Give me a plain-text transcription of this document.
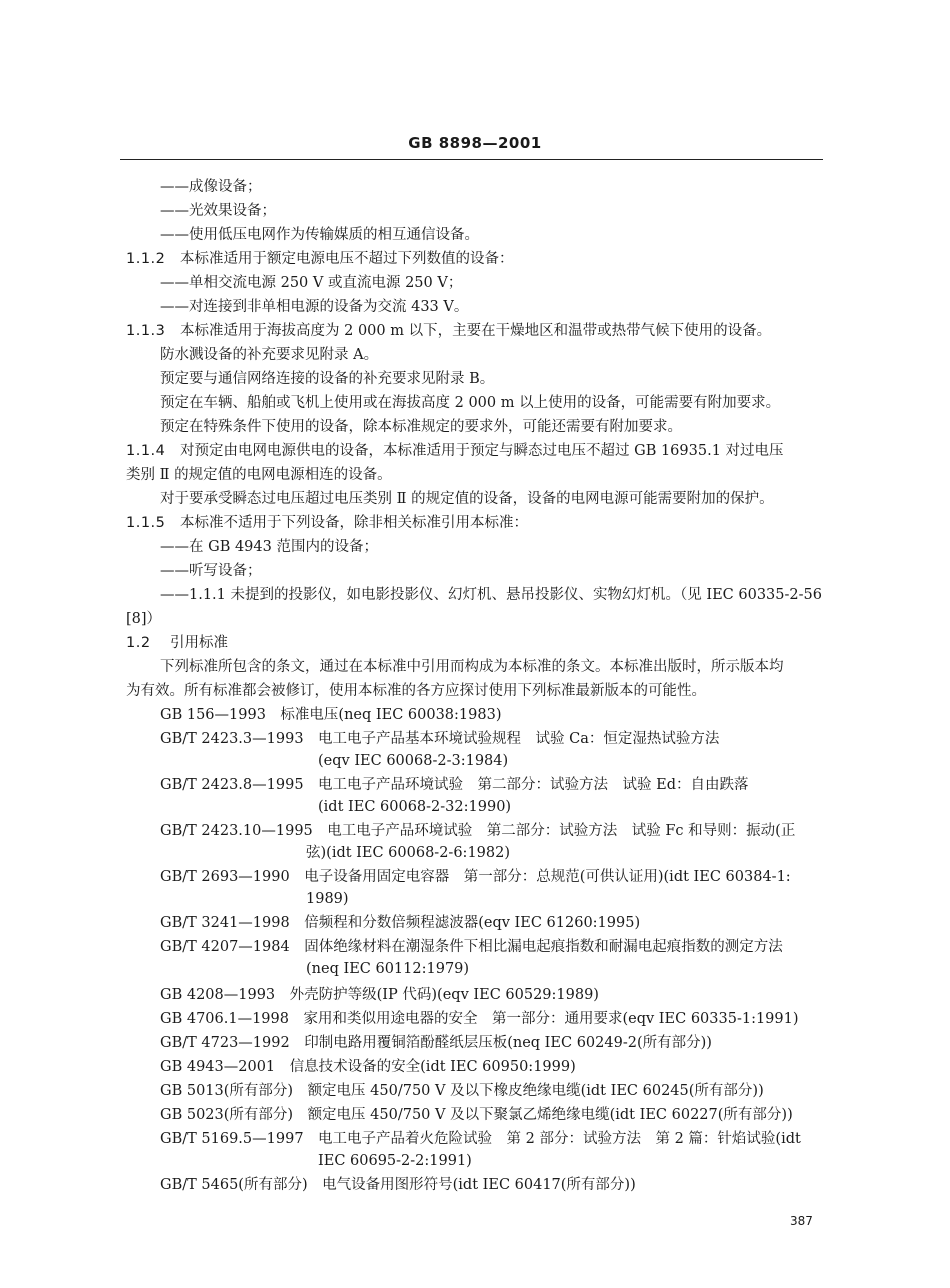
GB 8898—2001
——成像设备；
——光效果设备；
——使用低压电网作为传输媒质的相互通信设备。
1.1.2 本标准适用于额定电源电压不超过下列数值的设备：
——单相交流电源 250 V 或直流电源 250 V；
——对连接到非单相电源的设备为交流 433 V。
1.1.3 本标准适用于海拔高度为 2 000 m 以下，主要在干燥地区和温带或热带气候下使用的设备。
防水溅设备的补充要求见附录 A。
预定要与通信网络连接的设备的补充要求见附录 B。
预定在车辆、船舶或飞机上使用或在海拔高度 2 000 m 以上使用的设备，可能需要有附加要求。
预定在特殊条件下使用的设备，除本标准规定的要求外，可能还需要有附加要求。
1.1.4 对预定由电网电源供电的设备，本标准适用于预定与瞬态过电压不超过 GB 16935.1 对过电压
类别 Ⅱ 的规定值的电网电源相连的设备。
对于要承受瞬态过电压超过电压类别 Ⅱ 的规定值的设备，设备的电网电源可能需要附加的保护。
1.1.5 本标准不适用于下列设备，除非相关标准引用本标准：
——在 GB 4943 范围内的设备；
——听写设备；
——1.1.1 未提到的投影仪，如电影投影仪、幻灯机、悬吊投影仪、实物幻灯机。（见 IEC 60335-2-56
[8]）
1.2 引用标准
下列标准所包含的条文，通过在本标准中引用而构成为本标准的条文。本标准出版时，所示版本均
为有效。所有标准都会被修订，使用本标准的各方应探讨使用下列标准最新版本的可能性。
GB 156—1993　标准电压(neq IEC 60038:1983)
GB/T 2423.3—1993　电工电子产品基本环境试验规程　试验 Ca：恒定湿热试验方法
(eqv IEC 60068-2-3:1984)
GB/T 2423.8—1995　电工电子产品环境试验　第二部分：试验方法　试验 Ed：自由跌落
(idt IEC 60068-2-32:1990)
GB/T 2423.10—1995　电工电子产品环境试验　第二部分：试验方法　试验 Fc 和导则：振动(正
弦)(idt IEC 60068-2-6:1982)
GB/T 2693—1990　电子设备用固定电容器　第一部分：总规范(可供认证用)(idt IEC 60384-1:
1989)
GB/T 3241—1998　倍频程和分数倍频程滤波器(eqv IEC 61260:1995)
GB/T 4207—1984　固体绝缘材料在潮湿条件下相比漏电起痕指数和耐漏电起痕指数的测定方法
(neq IEC 60112:1979)
GB 4208—1993　外壳防护等级(IP 代码)(eqv IEC 60529:1989)
GB 4706.1—1998　家用和类似用途电器的安全　第一部分：通用要求(eqv IEC 60335-1:1991)
GB/T 4723—1992　印制电路用覆铜箔酚醛纸层压板(neq IEC 60249-2(所有部分))
GB 4943—2001　信息技术设备的安全(idt IEC 60950:1999)
GB 5013(所有部分)　额定电压 450/750 V 及以下橡皮绝缘电缆(idt IEC 60245(所有部分))
GB 5023(所有部分)　额定电压 450/750 V 及以下聚氯乙烯绝缘电缆(idt IEC 60227(所有部分))
GB/T 5169.5—1997　电工电子产品着火危险试验　第 2 部分：试验方法　第 2 篇：针焰试验(idt
IEC 60695-2-2:1991)
GB/T 5465(所有部分)　电气设备用图形符号(idt IEC 60417(所有部分))
387
